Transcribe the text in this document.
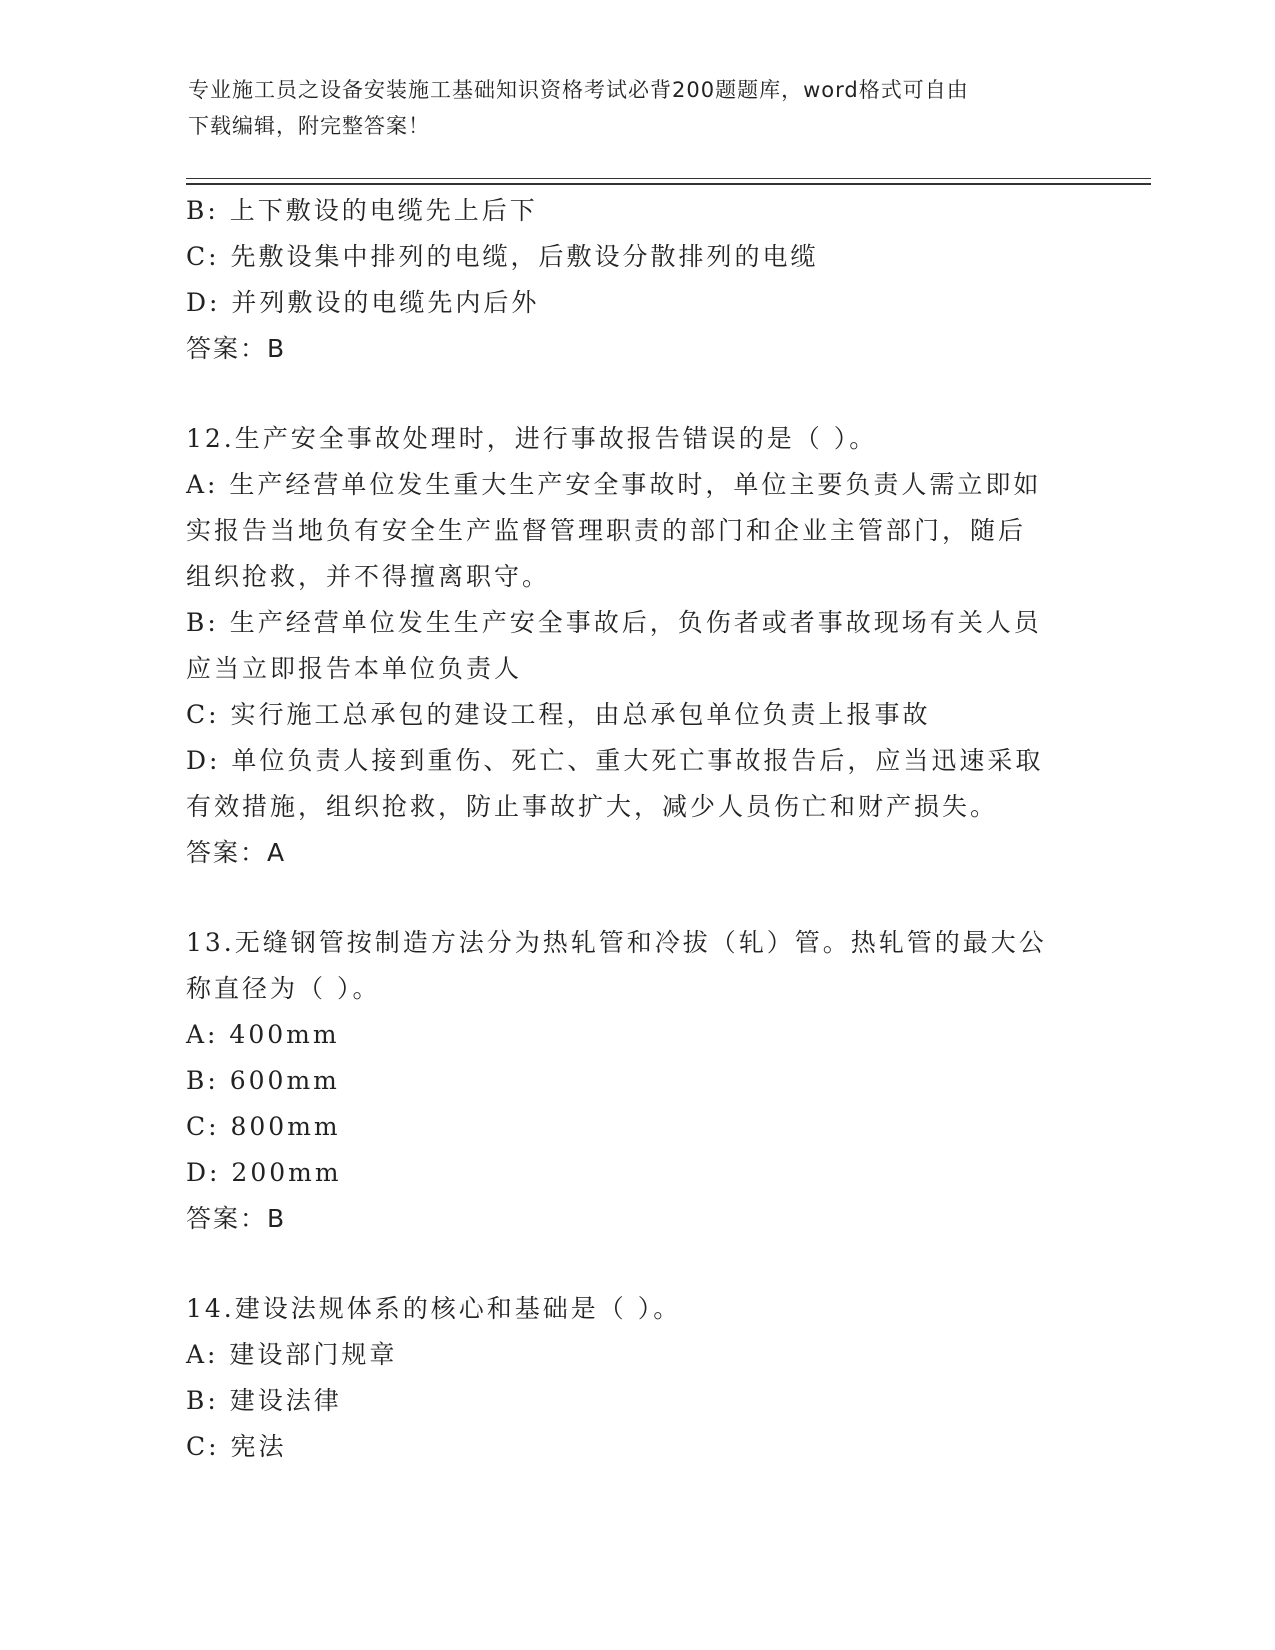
专业施工员之设备安装施工基础知识资格考试必背200题题库，word格式可自由
下载编辑，附完整答案！
B: 上下敷设的电缆先上后下
C: 先敷设集中排列的电缆，后敷设分散排列的电缆
D: 并列敷设的电缆先内后外
答案：B
12.生产安全事故处理时，进行事故报告错误的是（ ）。
A: 生产经营单位发生重大生产安全事故时，单位主要负责人需立即如
实报告当地负有安全生产监督管理职责的部门和企业主管部门，随后
组织抢救，并不得擅离职守。
B: 生产经营单位发生生产安全事故后，负伤者或者事故现场有关人员
应当立即报告本单位负责人
C: 实行施工总承包的建设工程，由总承包单位负责上报事故
D: 单位负责人接到重伤、死亡、重大死亡事故报告后，应当迅速采取
有效措施，组织抢救，防止事故扩大，减少人员伤亡和财产损失。
答案：A
13.无缝钢管按制造方法分为热轧管和冷拔（轧）管。热轧管的最大公
称直径为（ ）。
A: 400mm
B: 600mm
C: 800mm
D: 200mm
答案：B
14.建设法规体系的核心和基础是（ ）。
A: 建设部门规章
B: 建设法律
C: 宪法
